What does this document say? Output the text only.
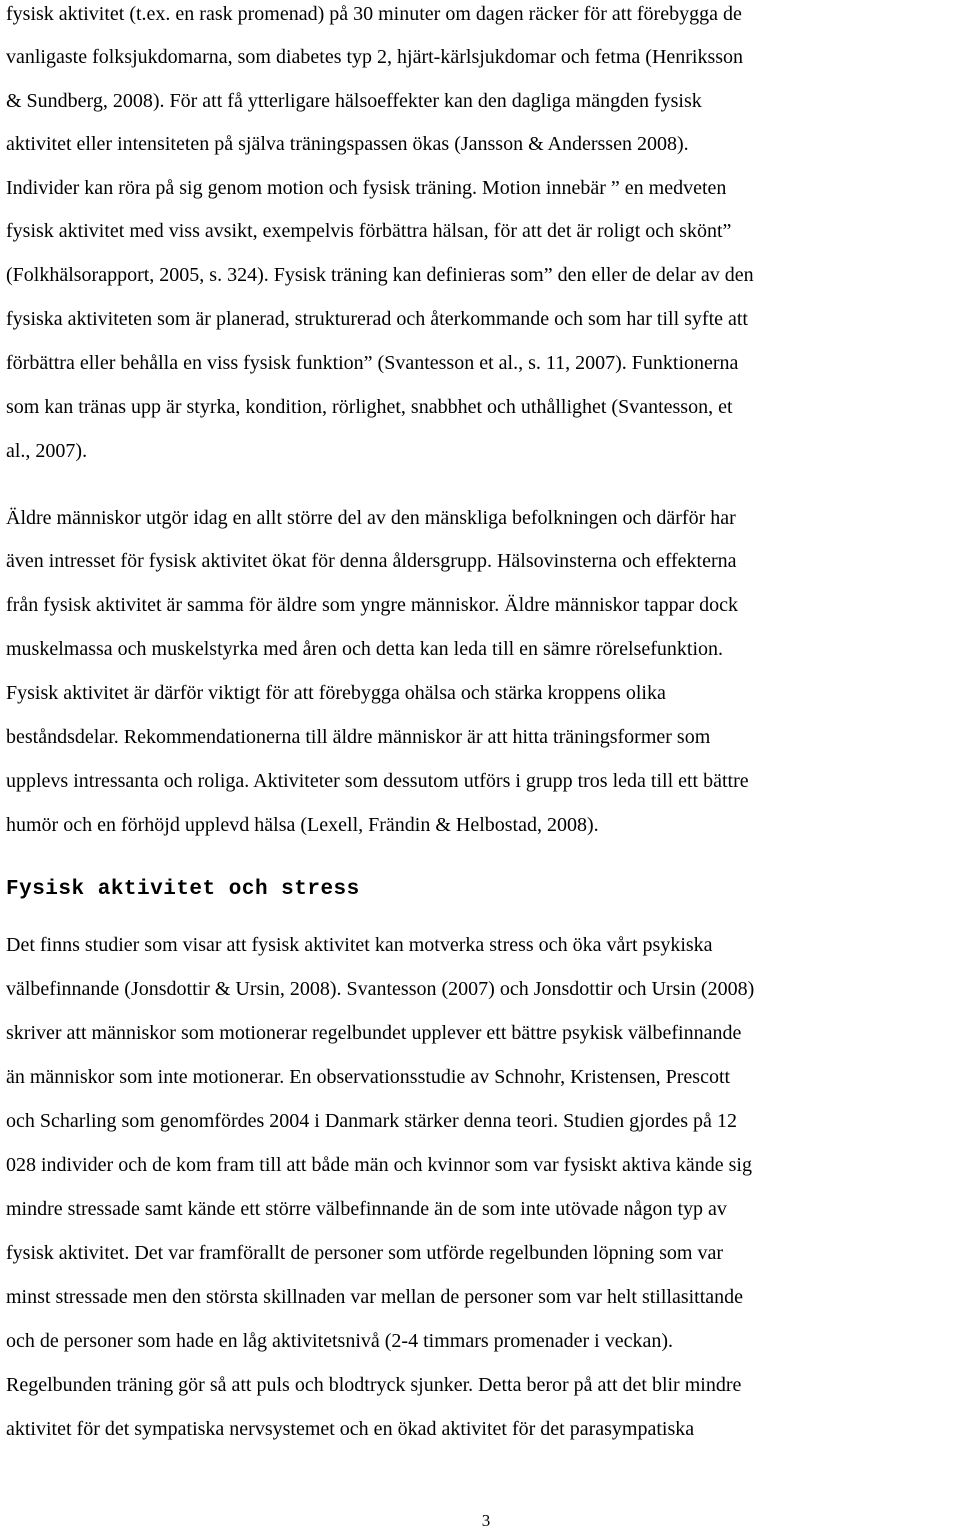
fysisk aktivitet (t.ex. en rask promenad) på 30 minuter om dagen räcker för att förebygga de
vanligaste folksjukdomarna, som diabetes typ 2, hjärt-kärlsjukdomar och fetma (Henriksson
& Sundberg, 2008). För att få ytterligare hälsoeffekter kan den dagliga mängden fysisk
aktivitet eller intensiteten på själva träningspassen ökas (Jansson & Anderssen 2008).
Individer kan röra på sig genom motion och fysisk träning. Motion innebär ” en medveten
fysisk aktivitet med viss avsikt, exempelvis förbättra hälsan, för att det är roligt och skönt”
(Folkhälsorapport, 2005, s. 324). Fysisk träning kan definieras som” den eller de delar av den
fysiska aktiviteten som är planerad, strukturerad och återkommande och som har till syfte att
förbättra eller behålla en viss fysisk funktion” (Svantesson et al., s. 11, 2007). Funktionerna
som kan tränas upp är styrka, kondition, rörlighet, snabbhet och uthållighet (Svantesson, et
al., 2007).
Äldre människor utgör idag en allt större del av den mänskliga befolkningen och därför har
även intresset för fysisk aktivitet ökat för denna åldersgrupp. Hälsovinsterna och effekterna
från fysisk aktivitet är samma för äldre som yngre människor. Äldre människor tappar dock
muskelmassa och muskelstyrka med åren och detta kan leda till en sämre rörelsefunktion.
Fysisk aktivitet är därför viktigt för att förebygga ohälsa och stärka kroppens olika
beståndsdelar. Rekommendationerna till äldre människor är att hitta träningsformer som
upplevs intressanta och roliga. Aktiviteter som dessutom utförs i grupp tros leda till ett bättre
humör och en förhöjd upplevd hälsa (Lexell, Frändin & Helbostad, 2008).
Fysisk aktivitet och stress
Det finns studier som visar att fysisk aktivitet kan motverka stress och öka vårt psykiska
välbefinnande (Jonsdottir & Ursin, 2008). Svantesson (2007) och Jonsdottir och Ursin (2008)
skriver att människor som motionerar regelbundet upplever ett bättre psykisk välbefinnande
än människor som inte motionerar. En observationsstudie av Schnohr, Kristensen, Prescott
och Scharling som genomfördes 2004 i Danmark stärker denna teori. Studien gjordes på 12
028 individer och de kom fram till att både män och kvinnor som var fysiskt aktiva kände sig
mindre stressade samt kände ett större välbefinnande än de som inte utövade någon typ av
fysisk aktivitet. Det var framförallt de personer som utförde regelbunden löpning som var
minst stressade men den största skillnaden var mellan de personer som var helt stillasittande
och de personer som hade en låg aktivitetsnivå (2-4 timmars promenader i veckan).
Regelbunden träning gör så att puls och blodtryck sjunker. Detta beror på att det blir mindre
aktivitet för det sympatiska nervsystemet och en ökad aktivitet för det parasympatiska
3
